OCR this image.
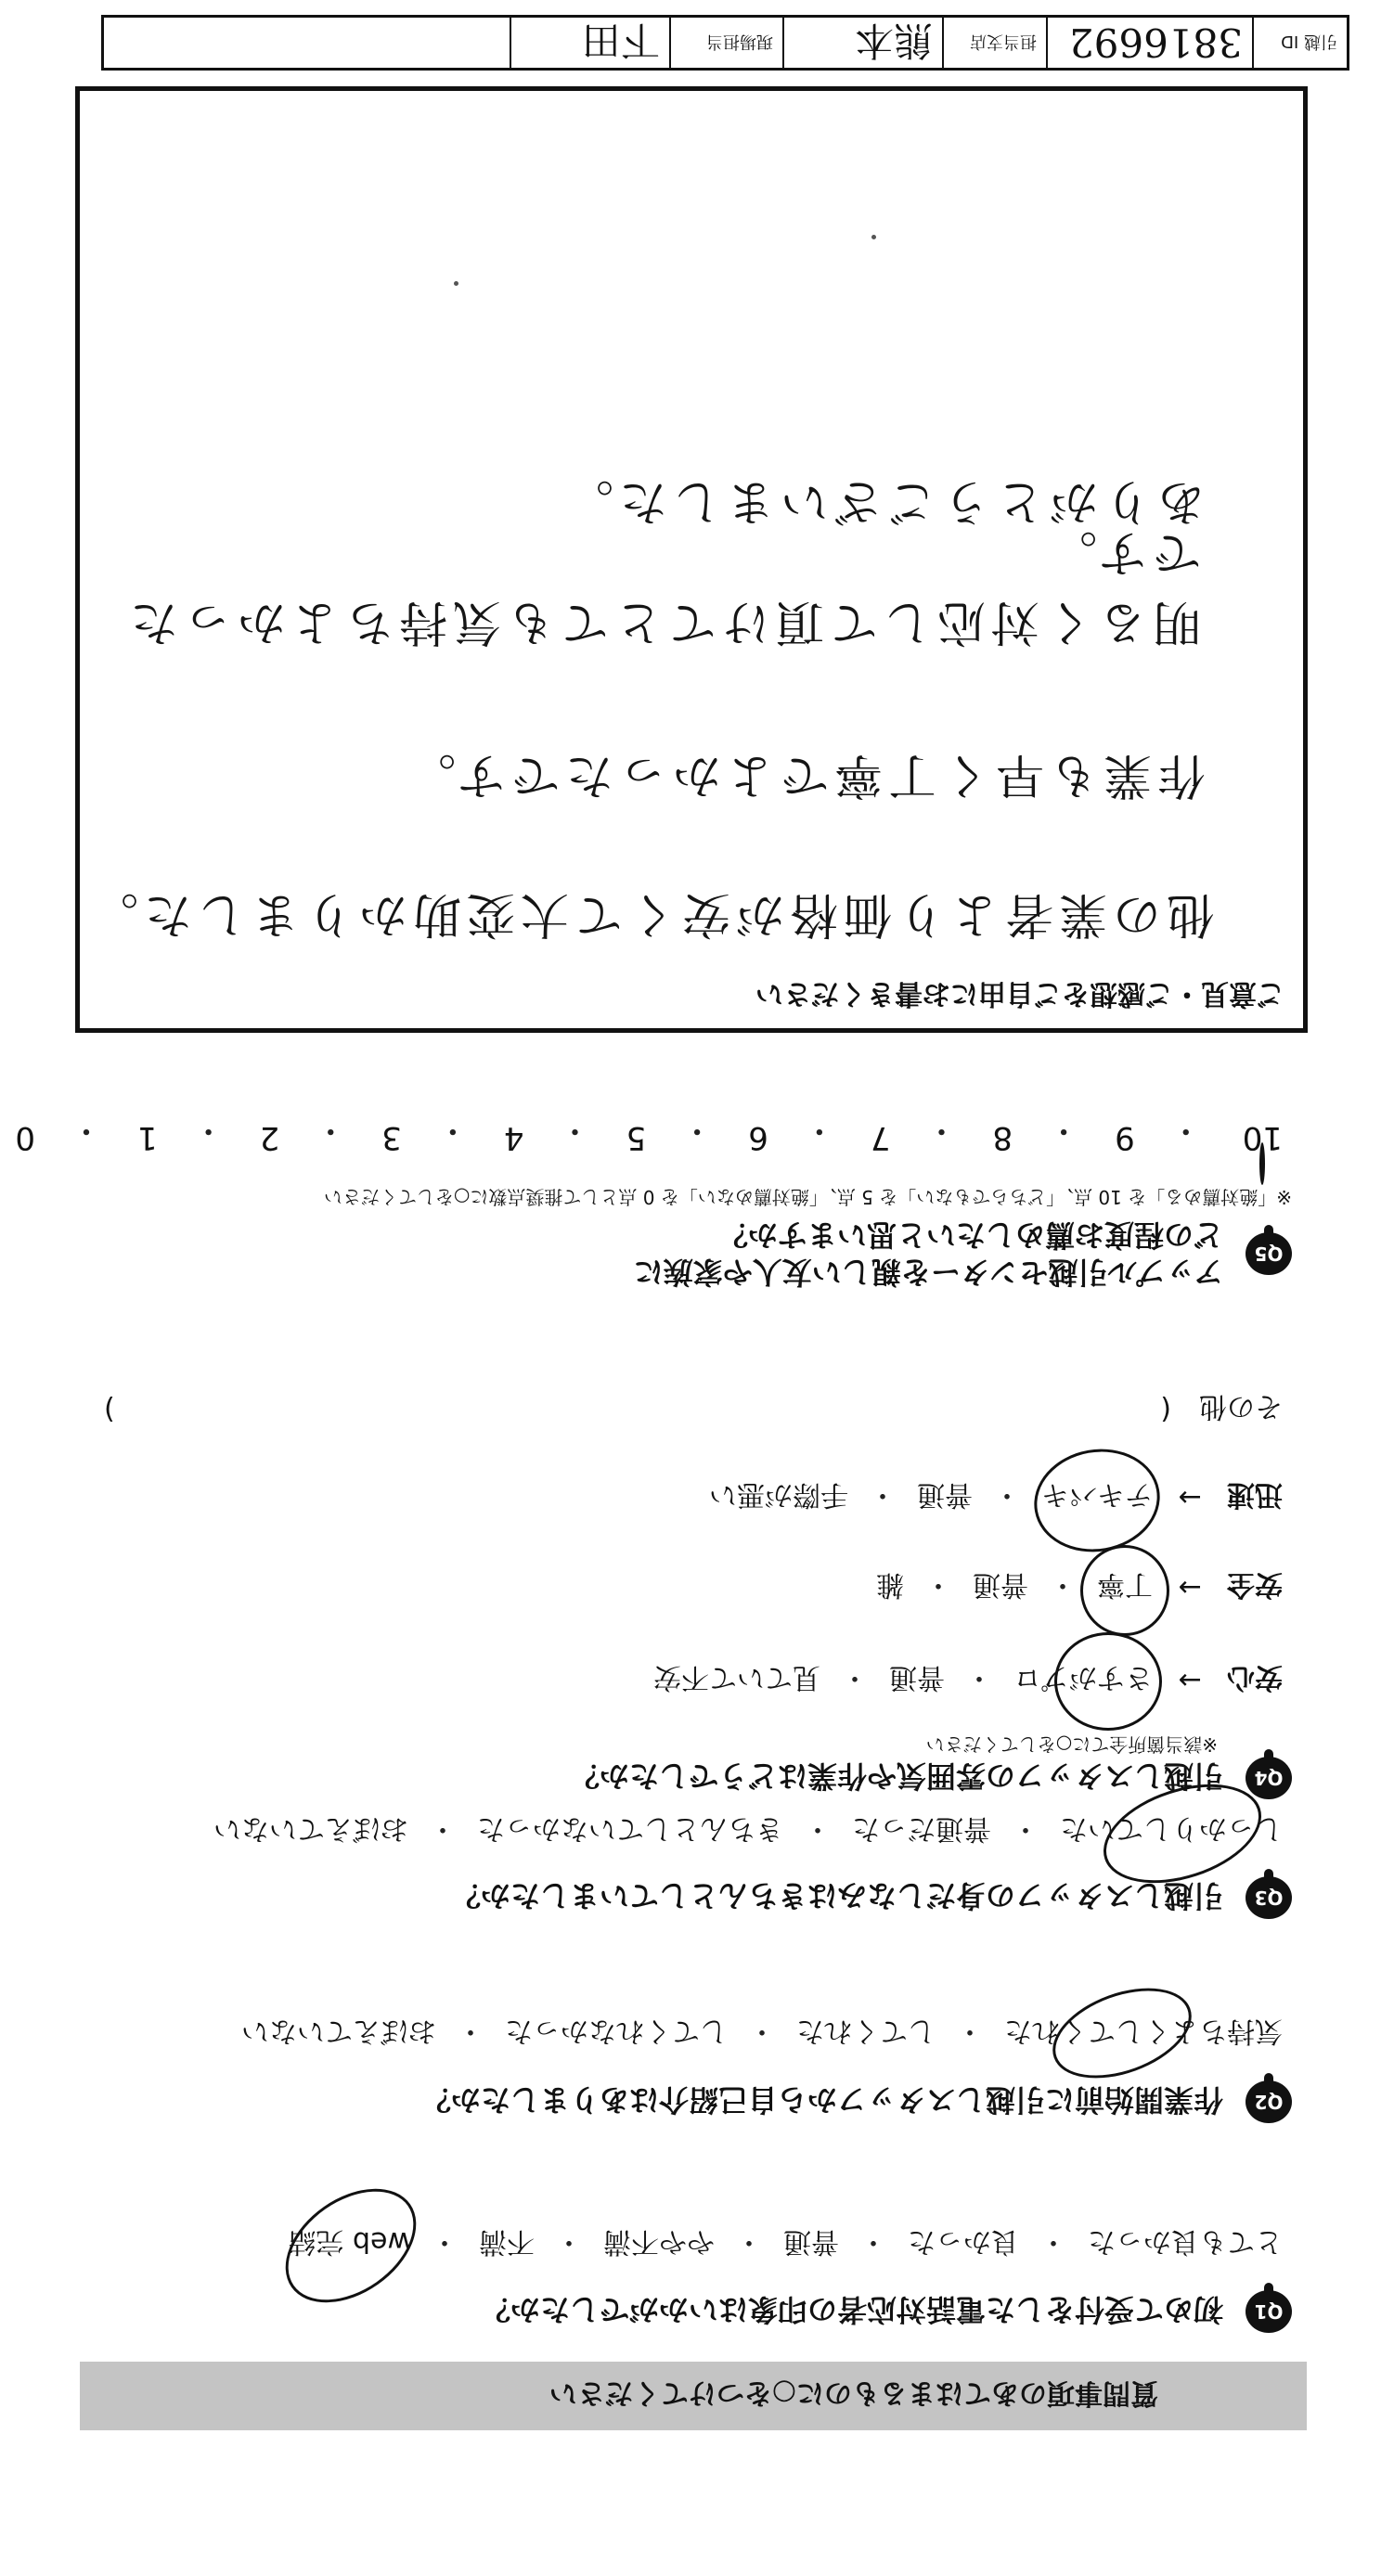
質問事項のあてはまるものに○をつけてください
Q1
初めて受付をした電話対応者の印象はいかがでしたか？
とても良かった
・
良かった
・
普通
・
やや不満
・
不満
・
web 完結
Q2
作業開始前に引越しスタッフから自己紹介はありましたか？
気持ちよくしてくれた
・
してくれた
・
してくれなかった
・
おぼえていない
Q3
引越しスタッフの身だしなみはきちんとしていましたか？
しっかりしていた
・
普通だった
・
きちんとしていなかった
・
おぼえていない
Q4
引越しスタッフの雰囲気や作業はどうでしたか？
※該当箇所全てに○をしてください
安心
→
さすがプロ
・
普通
・
見ていて不安
安全
→
丁寧
・
普通
・
雑
迅速
→
テキパキ
・
普通
・
手際が悪い
その他
(
)
Q5
アップル引越センターを親しい友人や家族に
どの程度お薦めしたいと思いますか？
※「絶対薦める」を 10 点、「どちらでもない」を 5 点、「絶対薦めない」を 0 点として推奨点数に○をしてください
10
・
9
・
8
・
7
・
6
・
5
・
4
・
3
・
2
・
1
・
0
ご意見・ご感想をご自由にお書きください
他の業者より価格が安くて大変助かりました。
作業も早く丁寧でよかったです。
明るく対応して頂けてとても気持ちよかったです。
ありがとうございました。
引越 ID
3816692
担当支店
熊本
現場担当
下田
